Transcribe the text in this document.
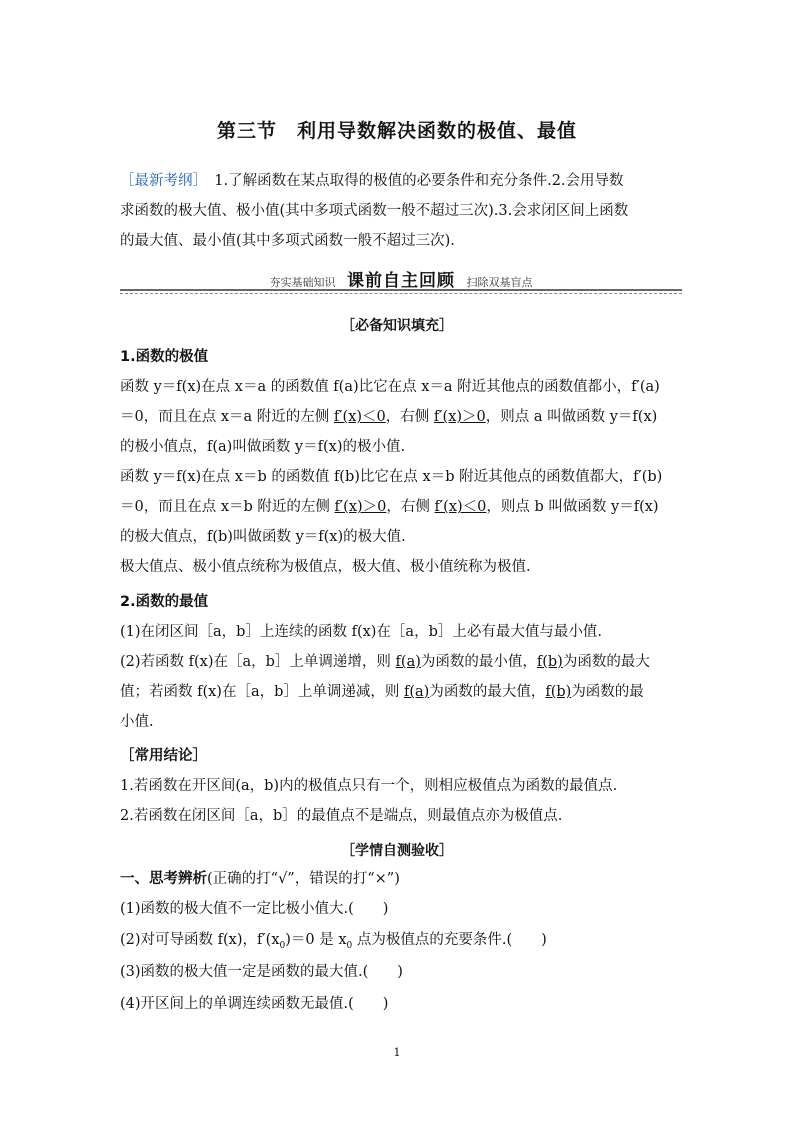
第三节　利用导数解决函数的极值、最值
［最新考纲］　1.了解函数在某点取得的极值的必要条件和充分条件.2.会用导数
求函数的极大值、极小值(其中多项式函数一般不超过三次).3.会求闭区间上函数
的最大值、最小值(其中多项式函数一般不超过三次).
夯实基础知识 课前自主回顾 扫除双基盲点
［必备知识填充］
1.函数的极值
函数 y＝f(x)在点 x＝a 的函数值 f(a)比它在点 x＝a 附近其他点的函数值都小，f′(a)
＝0，而且在点 x＝a 附近的左侧 f′(x)＜0，右侧 f′(x)＞0，则点 a 叫做函数 y＝f(x)
的极小值点，f(a)叫做函数 y＝f(x)的极小值.
函数 y＝f(x)在点 x＝b 的函数值 f(b)比它在点 x＝b 附近其他点的函数值都大，f′(b)
＝0，而且在点 x＝b 附近的左侧 f′(x)＞0，右侧 f′(x)＜0，则点 b 叫做函数 y＝f(x)
的极大值点，f(b)叫做函数 y＝f(x)的极大值.
极大值点、极小值点统称为极值点，极大值、极小值统称为极值.
2.函数的最值
(1)在闭区间［a，b］上连续的函数 f(x)在［a，b］上必有最大值与最小值.
(2)若函数 f(x)在［a，b］上单调递增，则 f(a)为函数的最小值，f(b)为函数的最大
值；若函数 f(x)在［a，b］上单调递减，则 f(a)为函数的最大值，f(b)为函数的最
小值.
［常用结论］
1.若函数在开区间(a，b)内的极值点只有一个，则相应极值点为函数的最值点.
2.若函数在闭区间［a，b］的最值点不是端点，则最值点亦为极值点.
［学情自测验收］
一、思考辨析(正确的打“√”，错误的打“×”)
(1)函数的极大值不一定比极小值大.(　　)
(2)对可导函数 f(x)，$f'(x_0)=0$ 是 $x_0$ 点为极值点的充要条件.(　　)
(3)函数的极大值一定是函数的最大值.(　　)
(4)开区间上的单调连续函数无最值.(　　)
1
